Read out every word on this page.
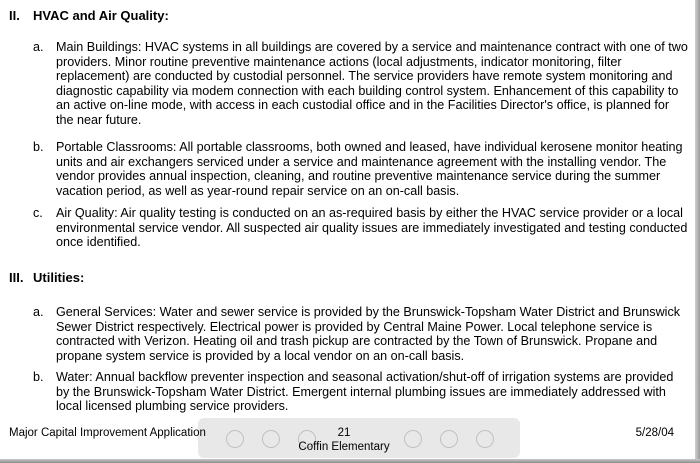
II. HVAC and Air Quality:
a. Main Buildings: HVAC systems in all buildings are covered by a service and maintenance contract with one of two providers. Minor routine preventive maintenance actions (local adjustments, indicator monitoring, filter replacement) are conducted by custodial personnel. The service providers have remote system monitoring and diagnostic capability via modem connection with each building control system. Enhancement of this capability to an active on-line mode, with access in each custodial office and in the Facilities Director's office, is planned for the near future.
b. Portable Classrooms: All portable classrooms, both owned and leased, have individual kerosene monitor heating units and air exchangers serviced under a service and maintenance agreement with the installing vendor. The vendor provides annual inspection, cleaning, and routine preventive maintenance service during the summer vacation period, as well as year-round repair service on an on-call basis.
c. Air Quality: Air quality testing is conducted on an as-required basis by either the HVAC service provider or a local environmental service vendor. All suspected air quality issues are immediately investigated and testing conducted once identified.
III. Utilities:
a. General Services: Water and sewer service is provided by the Brunswick-Topsham Water District and Brunswick Sewer District respectively. Electrical power is provided by Central Maine Power. Local telephone service is contracted with Verizon. Heating oil and trash pickup are contracted by the Town of Brunswick. Propane and propane system service is provided by a local vendor on an on-call basis.
b. Water: Annual backflow preventer inspection and seasonal activation/shut-off of irrigation systems are provided by the Brunswick-Topsham Water District. Emergent internal plumbing issues are immediately addressed with local licensed plumbing service providers.
Major Capital Improvement Application	21
Coffin Elementary
5/28/04
